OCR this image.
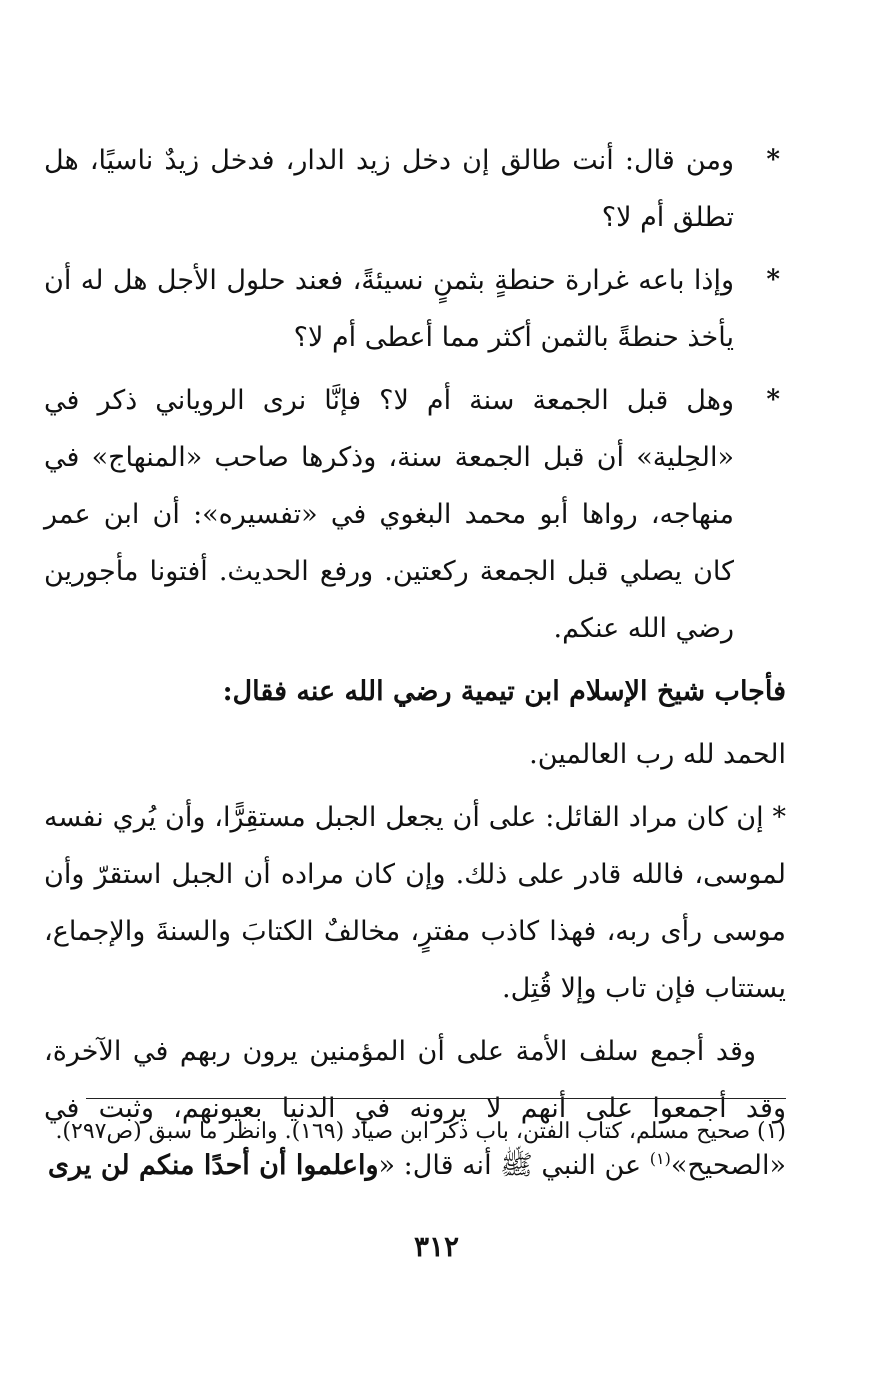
*
ومن قال: أنت طالق إن دخل زيد الدار، فدخل زيدٌ ناسيًا، هل تطلق أم لا؟
*
وإذا باعه غرارة حنطةٍ بثمنٍ نسيئةً، فعند حلول الأجل هل له أن يأخذ حنطةً بالثمن أكثر مما أعطى أم لا؟
*
وهل قبل الجمعة سنة أم لا؟ فإنَّا نرى الروياني ذكر في «الحِلية» أن قبل الجمعة سنة، وذكرها صاحب «المنهاج» في منهاجه، رواها أبو محمد البغوي في «تفسيره»: أن ابن عمر كان يصلي قبل الجمعة ركعتين. ورفع الحديث. أفتونا مأجورين رضي الله عنكم.
فأجاب شيخ الإسلام ابن تيمية رضي الله عنه فقال:
الحمد لله رب العالمين.
* إن كان مراد القائل: على أن يجعل الجبل مستقِرًّا، وأن يُري نفسه لموسى، فالله قادر على ذلك. وإن كان مراده أن الجبل استقرّ وأن موسى رأى ربه، فهذا كاذب مفترٍ، مخالفٌ الكتابَ والسنةَ والإجماع، يستتاب فإن تاب وإلا قُتِل.
وقد أجمع سلف الأمة على أن المؤمنين يرون ربهم في الآخرة، وقد أجمعوا على أنهم لا يرونه في الدنيا بعيونهم، وثبت في «الصحيح»$^{(١)}$ عن النبي ﷺ أنه قال: «واعلموا أن أحدًا منكم لن يرى
(١) صحيح مسلم، كتاب الفتن، باب ذكر ابن صياد (١٦٩). وانظر ما سبق (ص٢٩٧).
٣١٢
